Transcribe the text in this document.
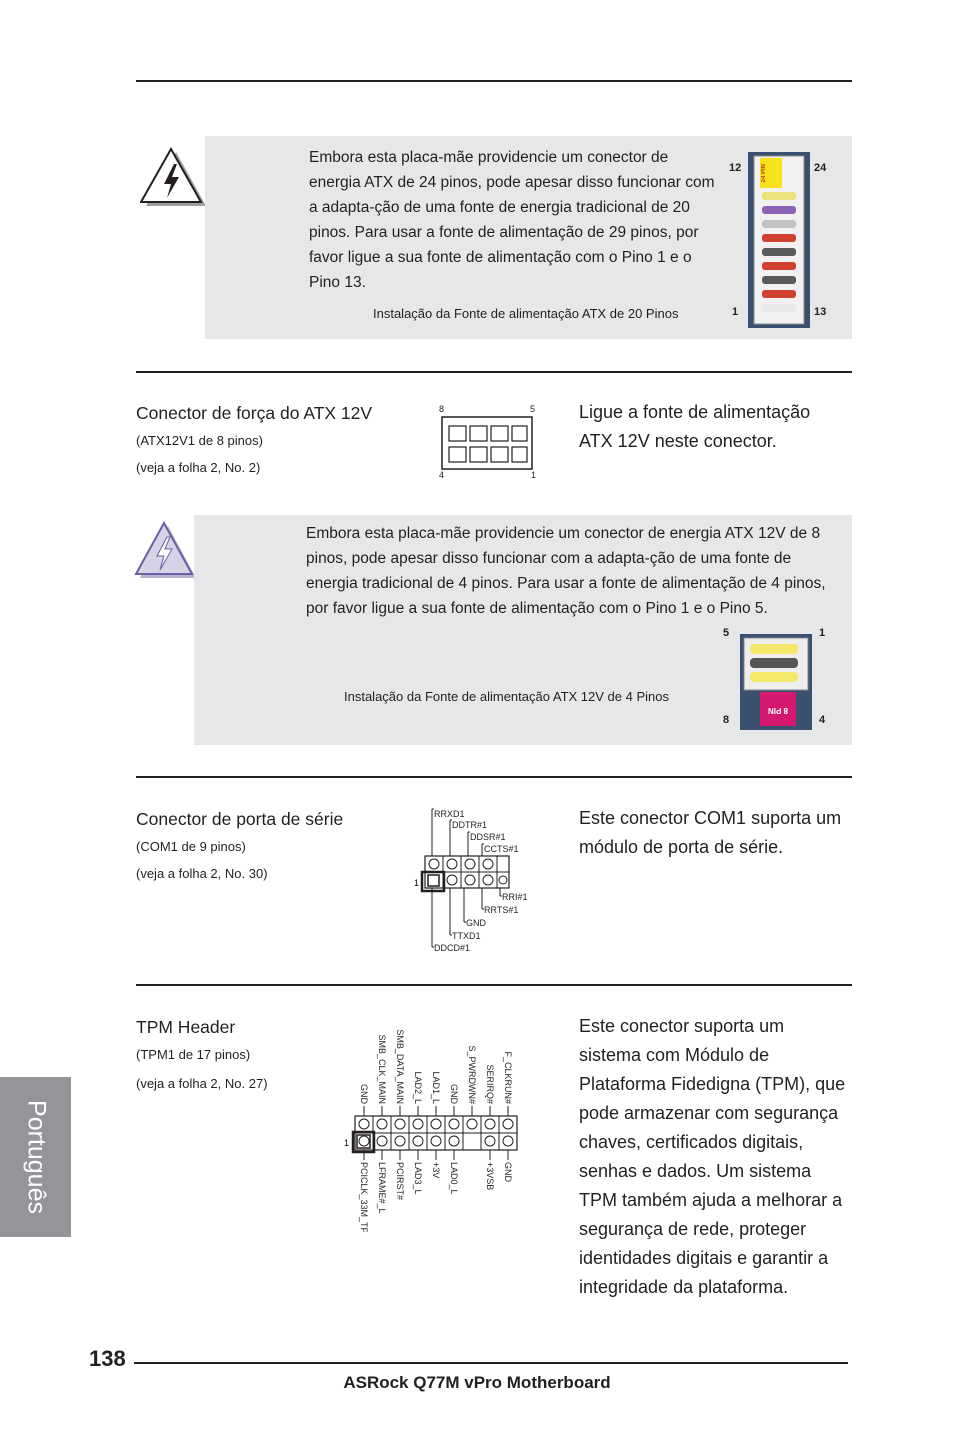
Embora esta placa-mãe providencie um conector de energia ATX de 24 pinos, pode apesar disso funcionar com a adapta-ção de uma fonte de energia tradicional de 20 pinos. Para usar a fonte de alimentação de 29 pinos, por favor ligue a sua fonte de alimentação com o Pino 1 e o Pino 13.
Instalação da Fonte de alimentação ATX de 20 Pinos
12	24
1	13
24 PIN
Conector de força do ATX 12V
(ATX12V1 de 8 pinos)
(veja a folha 2, No. 2)
8	5
4	1
Ligue a fonte de alimentação ATX 12V neste conector.
Embora esta placa-mãe providencie um conector de energia ATX 12V de 8 pinos, pode apesar disso funcionar com a adapta-ção de uma fonte de energia tradicional de 4 pinos. Para usar a fonte de alimentação de 4 pinos, por favor ligue a sua fonte de alimentação com o Pino 1 e o Pino 5.
Instalação da Fonte de alimentação ATX 12V de 4 Pinos
5	1
8	4
8 PIN
Conector de porta de série
(COM1 de 9 pinos)
(veja a folha 2, No. 30)
Este conector COM1 suporta um módulo de porta de série.
1
RRXD1
DDTR#1
DDSR#1
CCTS#1
RRI#1
RRTS#1
GND
TTXD1
DDCD#1
TPM Header
(TPM1 de 17 pinos)
(veja a folha 2, No. 27)
Este conector suporta um sistema com Módulo de Plataforma Fidedigna (TPM), que pode armazenar com segurança chaves, certificados digitais, senhas e dados. Um sistema TPM também ajuda a melhorar a segurança de rede, proteger identidades digitais e garantir a integridade da plataforma.
1
GND SMB_CLK_MAIN SMB_DATA_MAIN LAD2_L LAD1_L GND S_PWRDWN# SERIRQ# F_CLKRUN#
PCICLK_33M_TPM LFRAME#_L PCIRST# LAD3_L +3V LAD0_L	+3VSB GND
Português
138
ASRock Q77M vPro Motherboard
